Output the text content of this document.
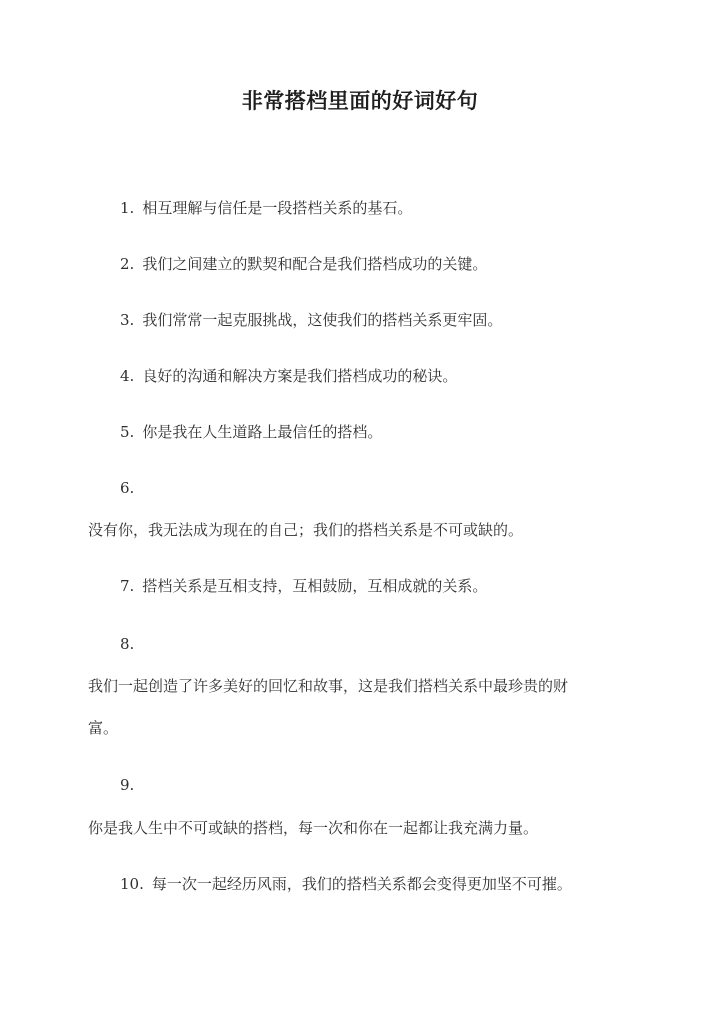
非常搭档里面的好词好句
1. 相互理解与信任是一段搭档关系的基石。
2. 我们之间建立的默契和配合是我们搭档成功的关键。
3. 我们常常一起克服挑战，这使我们的搭档关系更牢固。
4. 良好的沟通和解决方案是我们搭档成功的秘诀。
5. 你是我在人生道路上最信任的搭档。
6.
没有你，我无法成为现在的自己；我们的搭档关系是不可或缺的。
7. 搭档关系是互相支持，互相鼓励，互相成就的关系。
8.
我们一起创造了许多美好的回忆和故事，这是我们搭档关系中最珍贵的财
富。
9.
你是我人生中不可或缺的搭档，每一次和你在一起都让我充满力量。
10. 每一次一起经历风雨，我们的搭档关系都会变得更加坚不可摧。
